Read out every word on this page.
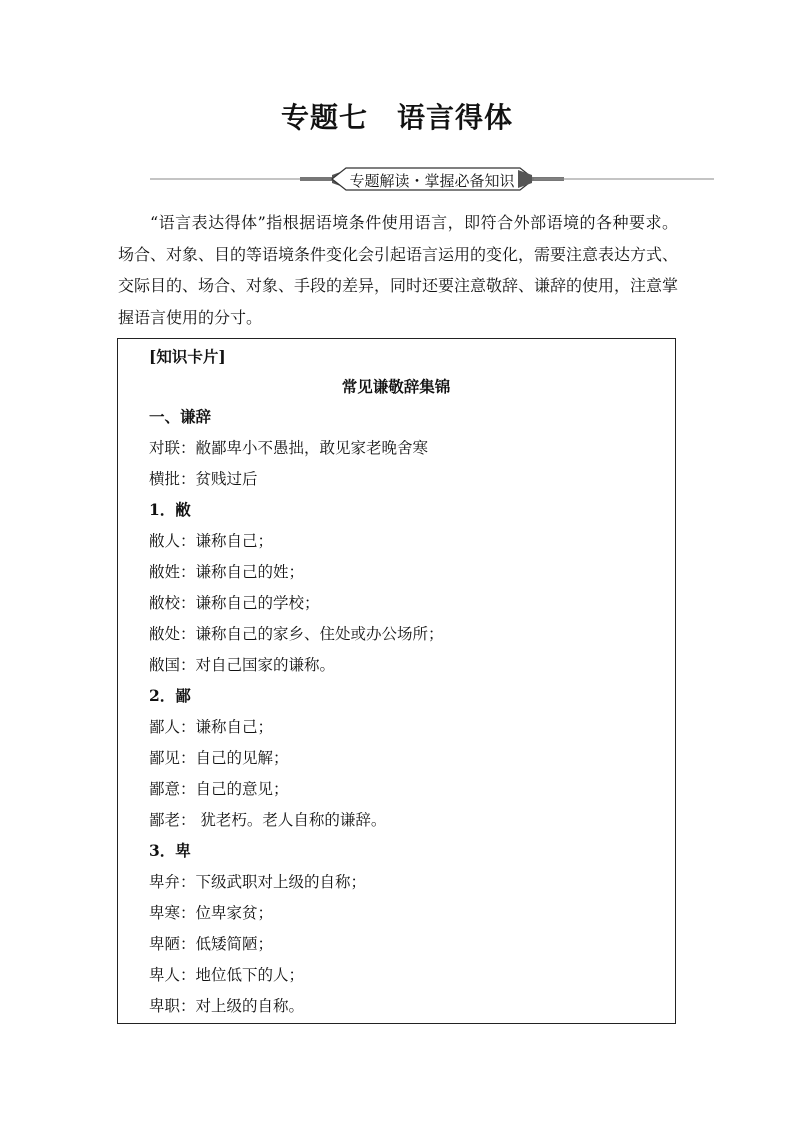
专题七　语言得体
专题解读・掌握必备知识

“语言表达得体”指根据语境条件使用语言，即符合外部语境的各种要求。场合、对象、目的等语境条件变化会引起语言运用的变化，需要注意表达方式、交际目的、场合、对象、手段的差异，同时还要注意敬辞、谦辞的使用，注意掌握语言使用的分寸。

[知识卡片]
常见谦敬辞集锦
一、谦辞
对联：敝鄙卑小不愚拙，敢见家老晚舍寒
横批：贫贱过后
1．敝
敝人：谦称自己；
敝姓：谦称自己的姓；
敝校：谦称自己的学校；
敝处：谦称自己的家乡、住处或办公场所；
敝国：对自己国家的谦称。
2．鄙
鄙人：谦称自己；
鄙见：自己的见解；
鄙意：自己的意见；
鄙老： 犹老朽。老人自称的谦辞。
3．卑
卑弁：下级武职对上级的自称；
卑寒：位卑家贫；
卑陋：低矮简陋；
卑人：地位低下的人；
卑职：对上级的自称。
